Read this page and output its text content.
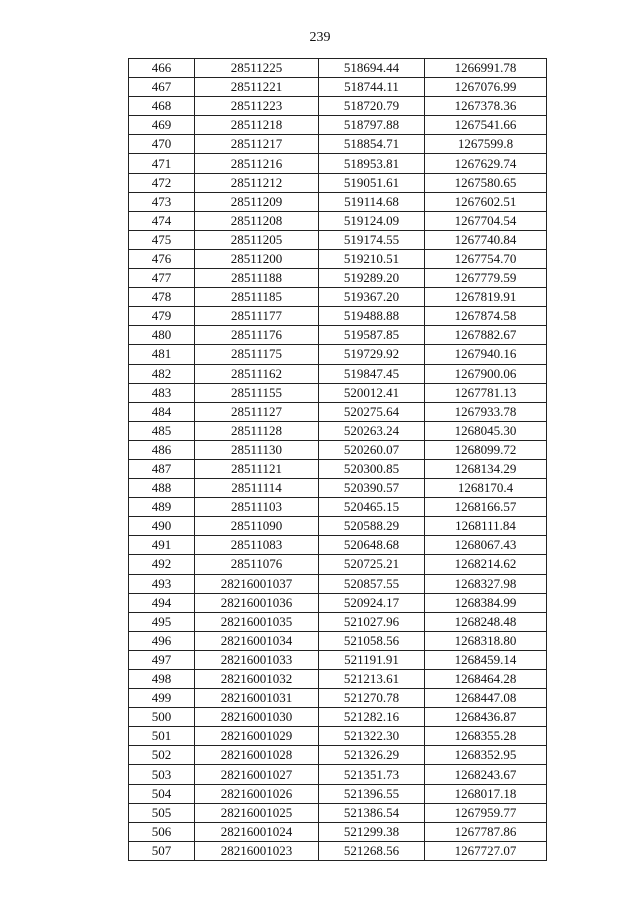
239
466	28511225	518694.44	1266991.78
467	28511221	518744.11	1267076.99
468	28511223	518720.79	1267378.36
469	28511218	518797.88	1267541.66
470	28511217	518854.71	1267599.8
471	28511216	518953.81	1267629.74
472	28511212	519051.61	1267580.65
473	28511209	519114.68	1267602.51
474	28511208	519124.09	1267704.54
475	28511205	519174.55	1267740.84
476	28511200	519210.51	1267754.70
477	28511188	519289.20	1267779.59
478	28511185	519367.20	1267819.91
479	28511177	519488.88	1267874.58
480	28511176	519587.85	1267882.67
481	28511175	519729.92	1267940.16
482	28511162	519847.45	1267900.06
483	28511155	520012.41	1267781.13
484	28511127	520275.64	1267933.78
485	28511128	520263.24	1268045.30
486	28511130	520260.07	1268099.72
487	28511121	520300.85	1268134.29
488	28511114	520390.57	1268170.4
489	28511103	520465.15	1268166.57
490	28511090	520588.29	1268111.84
491	28511083	520648.68	1268067.43
492	28511076	520725.21	1268214.62
493	28216001037	520857.55	1268327.98
494	28216001036	520924.17	1268384.99
495	28216001035	521027.96	1268248.48
496	28216001034	521058.56	1268318.80
497	28216001033	521191.91	1268459.14
498	28216001032	521213.61	1268464.28
499	28216001031	521270.78	1268447.08
500	28216001030	521282.16	1268436.87
501	28216001029	521322.30	1268355.28
502	28216001028	521326.29	1268352.95
503	28216001027	521351.73	1268243.67
504	28216001026	521396.55	1268017.18
505	28216001025	521386.54	1267959.77
506	28216001024	521299.38	1267787.86
507	28216001023	521268.56	1267727.07
